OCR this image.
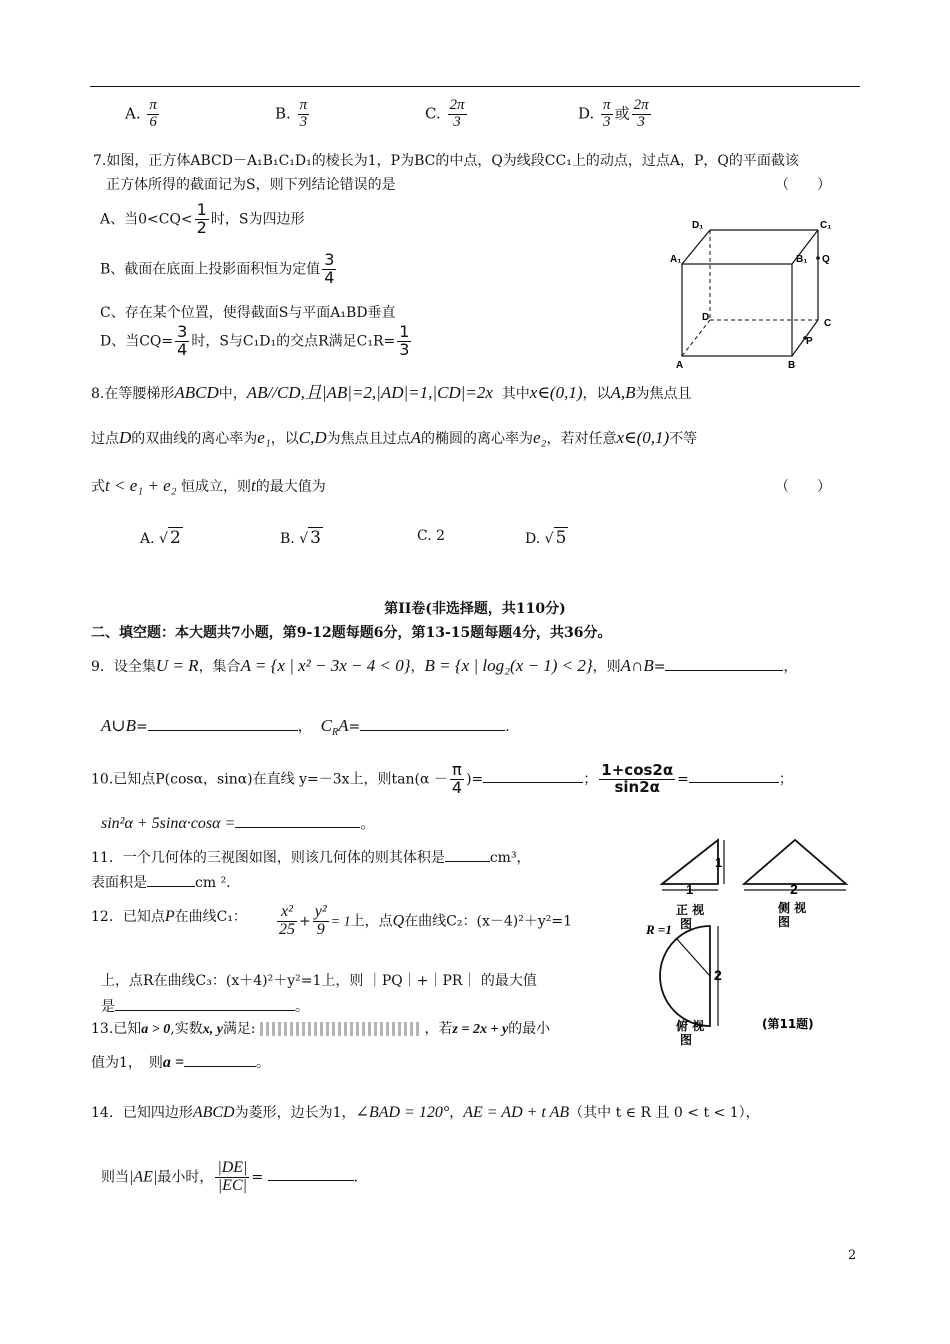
A. $\frac{\pi}{6}$	B. $\frac{\pi}{3}$	C. $\frac{2\pi}{3}$	D. $\frac{\pi}{3}$ 或 $\frac{2\pi}{3}$
7.如图，正方体ABCD－A₁B₁C₁D₁的棱长为1，P为BC的中点，Q为线段CC₁上的动点，过点A，P，Q的平面截该
正方体所得的截面记为S，则下列结论错误的是	（　　）
A、当$0<CQ< \frac{1}{2}$ 时，S为四边形
B、截面在底面上投影面积恒为定值 $\frac{3}{4}$
C、存在某个位置，使得截面S与平面A₁BD垂直
D、当$CQ= \frac{3}{4}$ 时，S与C₁D₁的交点R满足$C_1R= \frac{1}{3}$
D₁	C₁
A₁	B₁ Q
D
C
P
A	B
8.在等腰梯形ABCD中，AB//CD,且|AB|=2,|AD|=1,|CD|=2x 其中x∈(0,1)，以A,B为焦点且
过点D的双曲线的离心率为e₁，以C,D为焦点且过点A的椭圆的离心率为e₂，若对任意x∈(0,1)不等
式t < e₁ + e₂ 恒成立，则t的最大值为	（　　）
A. √ 2	B. √ 3	C. 2	D. √ 5
第II卷(非选择题，共110分)
二、填空题：本大题共7小题，第9-12题每题6分，第13-15题每题4分，共36分。
9．设全集U = R，集合A = {x | x² − 3x − 4 < 0}，B = {x | log₂(x − 1) < 2}，则A∩B=	，
A∪B=	， $C_RA=$	.
10.已知点P(cosα，sinα)在直线 y=－3x上，则$\tan(\alpha - \frac{\pi}{4}$ )=	； $\frac{1+\cos 2\alpha}{\sin 2\alpha}$ =	；
sin²α + 5sinα·cosα =	。
11．一个几何体的三视图如图，则该几何体的则其体积是	cm³，
表面积是	cm ².
1
1	2
2
R =1
正 视
图
侧 视
图
俯 视
图
(第11题)
12．已知点P在曲线C₁： $\frac{\text{x²}}{25} + \frac{\text{y²}}{9} = 1$上，点Q在曲线C₂：(x－4)²＋y²=1
上，点R在曲线C₃：(x＋4)²＋y²=1上，则 ｜PQ｜+｜PR｜ 的最大值
是	。
13.已知a > 0,实数x, y满足:	，若z = 2x + y的最小
值为1，　则a =	。
14．已知四边形ABCD为菱形，边长为1，∠BAD = 120°，AE = AD + t AB（其中 t ∈ R 且 0 < t < 1），
则当|AE|最小时， $\frac{|DE|}{|EC|}$ =	.
2
